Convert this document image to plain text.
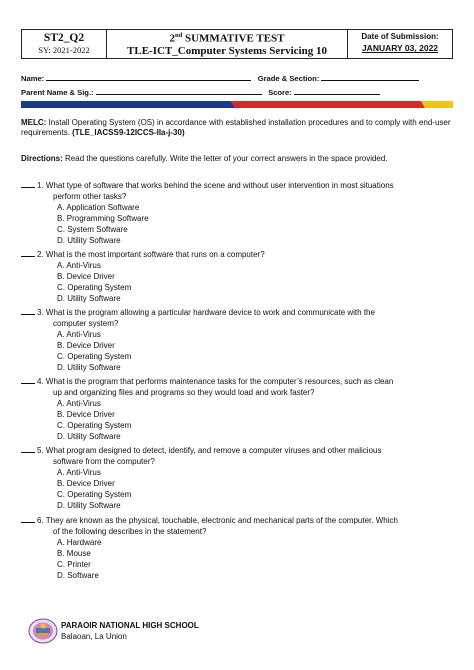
ST2_Q2
SY: 2021-2022
2nd SUMMATIVE TEST
TLE-ICT_Computer Systems Servicing 10
Date of Submission:
JANUARY 03, 2022
Name:	Grade & Section:
Parent Name & Sig.:	Score:
MELC: Install Operating System (OS) in accordance with established installation procedures and to comply with end-user requirements. (TLE_IACSS9-12ICCS-IIa-j-30)
Directions: Read the questions carefully. Write the letter of your correct answers in the space provided.
1. What type of software that works behind the scene and without user intervention in most situations
perform other tasks?
A. Application Software
B. Programming Software
C. System Software
D. Utility Software
2. What is the most important software that runs on a computer?
A. Anti-Virus
B. Device Driver
C. Operating System
D. Utility Software
3. What is the program allowing a particular hardware device to work and communicate with the
computer system?
A. Anti-Virus
B. Device Driver
C. Operating System
D. Utility Software
4. What is the program that performs maintenance tasks for the computer’s resources, such as clean
up and organizing files and programs so they would load and work faster?
A. Anti-Virus
B. Device Driver
C. Operating System
D. Utility Software
5. What program designed to detect, identify, and remove a computer viruses and other malicious
software from the computer?
A. Anti-Virus
B. Device Driver
C. Operating System
D. Utility Software
6. They are known as the physical, touchable, electronic and mechanical parts of the computer. Which
of the following describes in the statement?
A. Hardware
B. Mouse
C. Printer
D. Software
PARAOIR NATIONAL HIGH SCHOOL
Balaoan, La Union
